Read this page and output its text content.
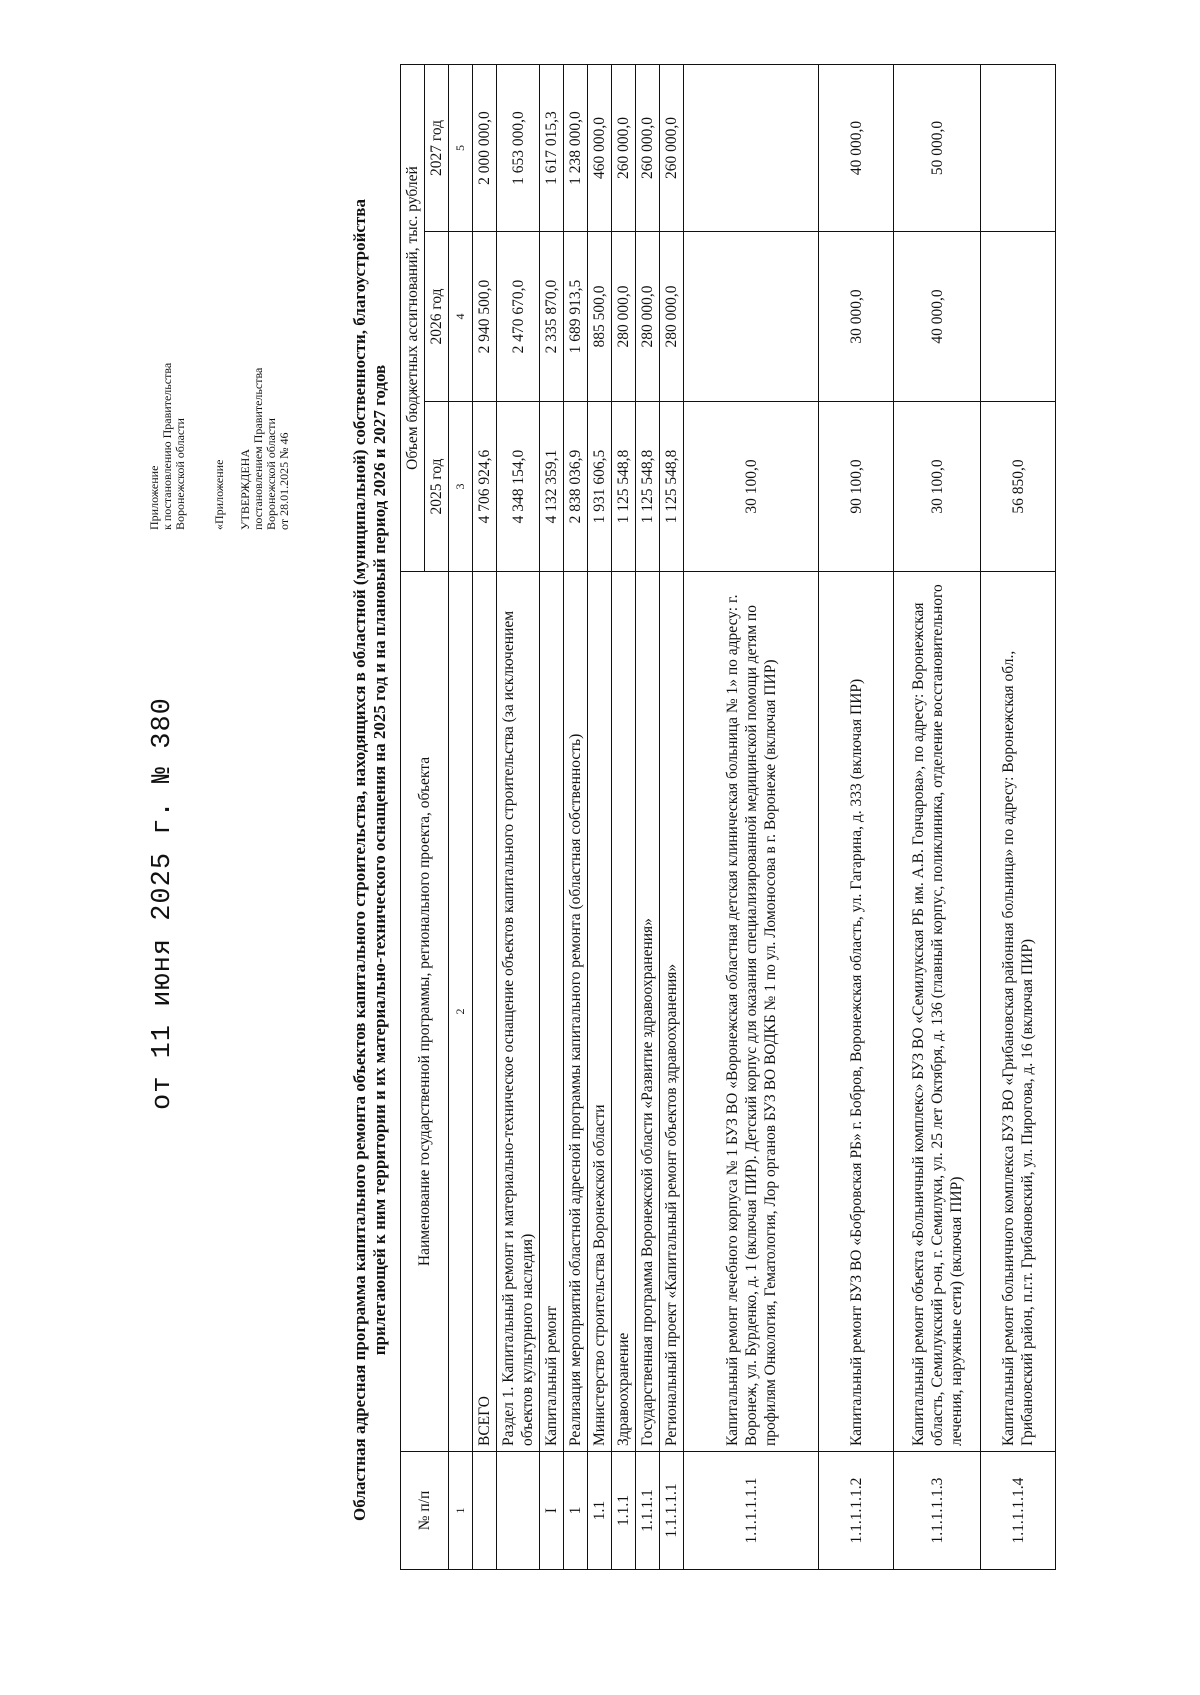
Приложение к постановлению Правительства Воронежской области «Приложение УТВЕРЖДЕНА постановлением Правительства Воронежской области от 28.01.2025 № 46
от 11 июня 2025 г. № 380	Областная адресная программа капитального ремонта объектов капитального строительства, находящихся в областной (муниципальной) собственности, благоустройства прилегающей к ним территории и их материально-технического оснащения на 2025 год и на плановый период 2026 и 2027 годов
№ п/п	Наименование государственной программы, регионального проекта, объекта	Объем бюджетных ассигнований, тыс. рублей		
		2025 год	2026 год	2027 год
1	2	3	4	5
	ВСЕГО	4 706 924,6	2 940 500,0	2 000 000,0
	Раздел 1. Капитальный ремонт и материально-техническое оснащение объектов капитального строительства (за исключением объектов культурного наследия)	4 348 154,0	2 470 670,0	1 653 000,0
I	Капитальный ремонт	4 132 359,1	2 335 870,0	1 617 015,3
1	Реализация мероприятий областной адресной программы капитального ремонта (областная собственность)	2 838 036,9	1 689 913,5	1 238 000,0
1.1	Министерство строительства Воронежской области	1 931 606,5	885 500,0	460 000,0
1.1.1	Здравоохранение	1 125 548,8	280 000,0	260 000,0
1.1.1.1	Государственная программа Воронежской области «Развитие здравоохранения»	1 125 548,8	280 000,0	260 000,0
1.1.1.1.1	Региональный проект «Капитальный ремонт объектов здравоохранения»	1 125 548,8	280 000,0	260 000,0
1.1.1.1.1.1	Капитальный ремонт лечебного корпуса № 1 БУЗ ВО «Воронежская областная детская клиническая больница № 1» по адресу: г. Воронеж, ул. Бурденко, д. 1 (включая ПИР). Детский корпус для оказания специализированной медицинской помощи детям по профилям Онкология, Гематология, Лор органов БУЗ ВО ВОДКБ № 1 по ул. Ломоносова в г. Воронеже (включая ПИР)	30 100,0		
1.1.1.1.1.2	Капитальный ремонт БУЗ ВО «Бобровская РБ» г. Бобров, Воронежская область, ул. Гагарина, д. 333 (включая ПИР)	90 100,0	30 000,0	40 000,0
1.1.1.1.1.3	Капитальный ремонт объекта «Больничный комплекс» БУЗ ВО «Семилукская РБ им. А.В. Гончарова», по адресу: Воронежская область, Семилукский р-он, г. Семилуки, ул. 25 лет Октября, д. 136 (главный корпус, поликлиника, отделение восстановительного лечения, наружные сети) (включая ПИР)	30 100,0	40 000,0	50 000,0
1.1.1.1.1.4	Капитальный ремонт больничного комплекса БУЗ ВО «Грибановская районная больница» по адресу: Воронежская обл., Грибановский район, п.г.т. Грибановский, ул. Пирогова, д. 16 (включая ПИР)	56 850,0		
